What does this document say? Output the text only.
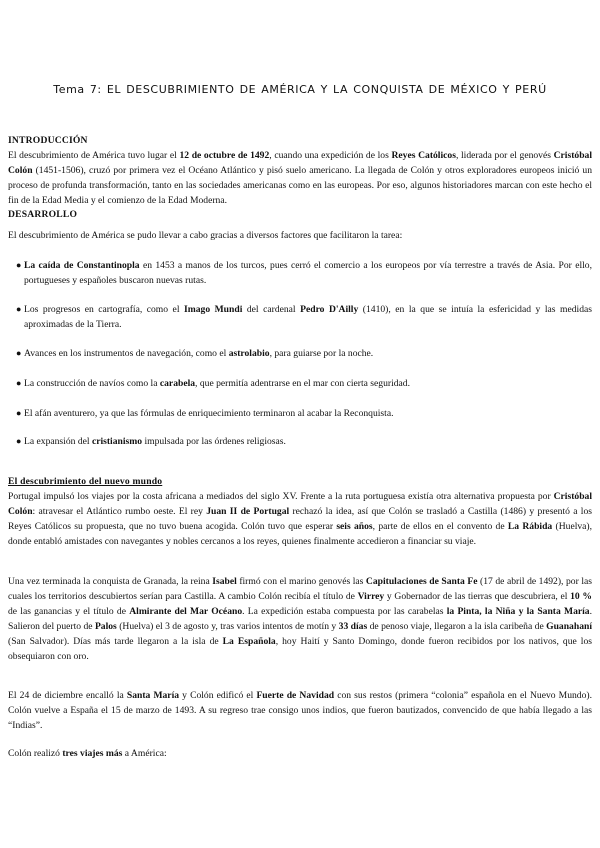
Tema 7: EL DESCUBRIMIENTO DE AMÉRICA Y LA CONQUISTA DE MÉXICO Y PERÚ
INTRODUCCIÓN
El descubrimiento de América tuvo lugar el 12 de octubre de 1492, cuando una expedición de los Reyes Católicos, liderada por el genovés Cristóbal Colón (1451-1506), cruzó por primera vez el Océano Atlántico y pisó suelo americano. La llegada de Colón y otros exploradores europeos inició un proceso de profunda transformación, tanto en las sociedades americanas como en las europeas. Por eso, algunos historiadores marcan con este hecho el fin de la Edad Media y el comienzo de la Edad Moderna.
DESARROLLO
El descubrimiento de América se pudo llevar a cabo gracias a diversos factores que facilitaron la tarea:
● La caída de Constantinopla en 1453 a manos de los turcos, pues cerró el comercio a los europeos por vía terrestre a través de Asia. Por ello, portugueses y españoles buscaron nuevas rutas.
● Los progresos en cartografía, como el Imago Mundi del cardenal Pedro D'Ailly (1410), en la que se intuía la esfericidad y las medidas aproximadas de la Tierra.
● Avances en los instrumentos de navegación, como el astrolabio, para guiarse por la noche.
● La construcción de navíos como la carabela, que permitía adentrarse en el mar con cierta seguridad.
● El afán aventurero, ya que las fórmulas de enriquecimiento terminaron al acabar la Reconquista.
● La expansión del cristianismo impulsada por las órdenes religiosas.
El descubrimiento del nuevo mundo
Portugal impulsó los viajes por la costa africana a mediados del siglo XV. Frente a la ruta portuguesa existía otra alternativa propuesta por Cristóbal Colón: atravesar el Atlántico rumbo oeste. El rey Juan II de Portugal rechazó la idea, así que Colón se trasladó a Castilla (1486) y presentó a los Reyes Católicos su propuesta, que no tuvo buena acogida. Colón tuvo que esperar seis años, parte de ellos en el convento de La Rábida (Huelva), donde entabló amistades con navegantes y nobles cercanos a los reyes, quienes finalmente accedieron a financiar su viaje.
Una vez terminada la conquista de Granada, la reina Isabel firmó con el marino genovés las Capitulaciones de Santa Fe (17 de abril de 1492), por las cuales los territorios descubiertos serían para Castilla. A cambio Colón recibía el título de Virrey y Gobernador de las tierras que descubriera, el 10 % de las ganancias y el título de Almirante del Mar Océano. La expedición estaba compuesta por las carabelas la Pinta, la Niña y la Santa María. Salieron del puerto de Palos (Huelva) el 3 de agosto y, tras varios intentos de motín y 33 días de penoso viaje, llegaron a la isla caribeña de Guanahaní (San Salvador). Días más tarde llegaron a la isla de La Española, hoy Haití y Santo Domingo, donde fueron recibidos por los nativos, que los obsequiaron con oro.
El 24 de diciembre encalló la Santa María y Colón edificó el Fuerte de Navidad con sus restos (primera “colonia” española en el Nuevo Mundo). Colón vuelve a España el 15 de marzo de 1493. A su regreso trae consigo unos indios, que fueron bautizados, convencido de que había llegado a las “Indias”.
Colón realizó tres viajes más a América:
